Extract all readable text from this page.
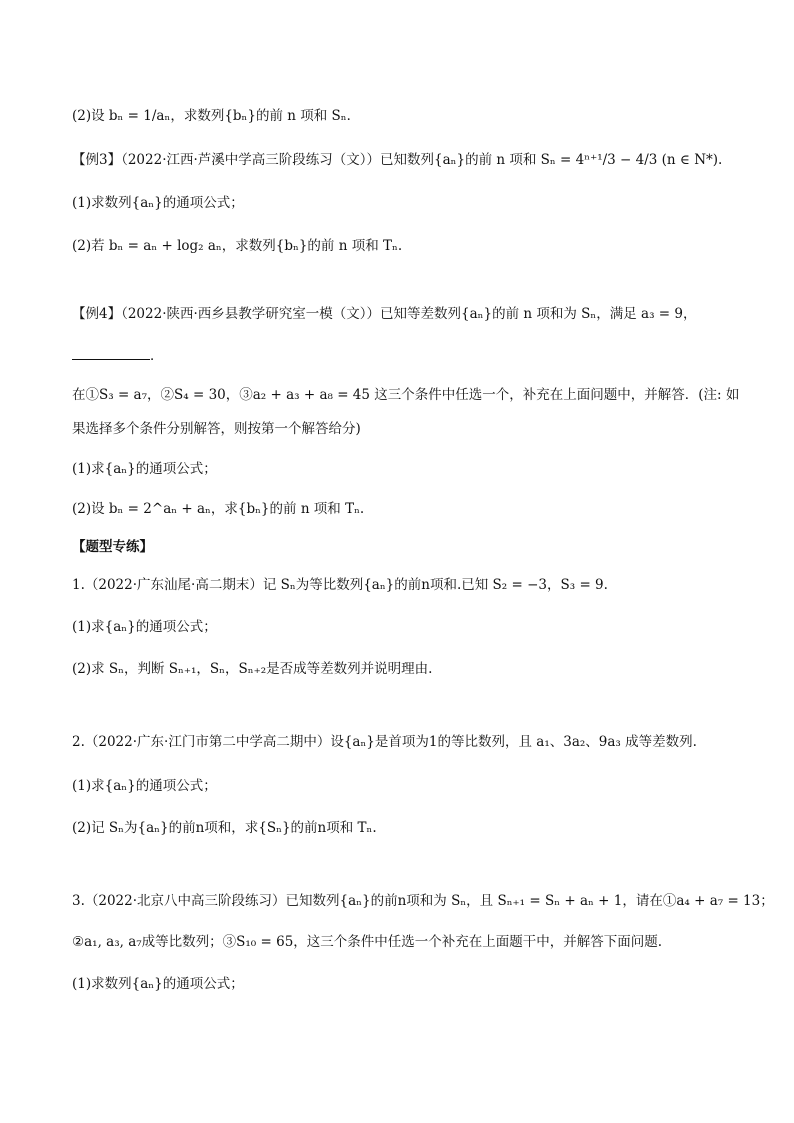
(2)设 bₙ = 1/aₙ，求数列{bₙ}的前 n 项和 Sₙ．
【例3】（2022·江西·芦溪中学高三阶段练习（文））已知数列{aₙ}的前 n 项和 Sₙ = 4ⁿ⁺¹/3 − 4/3 (n ∈ N*).
(1)求数列{aₙ}的通项公式；
(2)若 bₙ = aₙ + log₂ aₙ，求数列{bₙ}的前 n 项和 Tₙ.
【例4】（2022·陕西·西乡县教学研究室一模（文））已知等差数列{aₙ}的前 n 项和为 Sₙ，满足 a₃ = 9，
．
在①S₃ = a₇，②S₄ = 30，③a₂ + a₃ + a₈ = 45 这三个条件中任选一个，补充在上面问题中，并解答．(注: 如
果选择多个条件分别解答，则按第一个解答给分)
(1)求{aₙ}的通项公式；
(2)设 bₙ = 2^aₙ + aₙ，求{bₙ}的前 n 项和 Tₙ.
【题型专练】
1.（2022·广东汕尾·高二期末）记 Sₙ为等比数列{aₙ}的前n项和.已知 S₂ = −3，S₃ = 9.
(1)求{aₙ}的通项公式；
(2)求 Sₙ，判断 Sₙ₊₁，Sₙ，Sₙ₊₂是否成等差数列并说明理由.
2.（2022·广东·江门市第二中学高二期中）设{aₙ}是首项为1的等比数列，且 a₁、3a₂、9a₃ 成等差数列.
(1)求{aₙ}的通项公式；
(2)记 Sₙ为{aₙ}的前n项和，求{Sₙ}的前n项和 Tₙ.
3.（2022·北京八中高三阶段练习）已知数列{aₙ}的前n项和为 Sₙ，且 Sₙ₊₁ = Sₙ + aₙ + 1，请在①a₄ + a₇ = 13；
②a₁, a₃, a₇成等比数列；③S₁₀ = 65，这三个条件中任选一个补充在上面题干中，并解答下面问题.
(1)求数列{aₙ}的通项公式；
